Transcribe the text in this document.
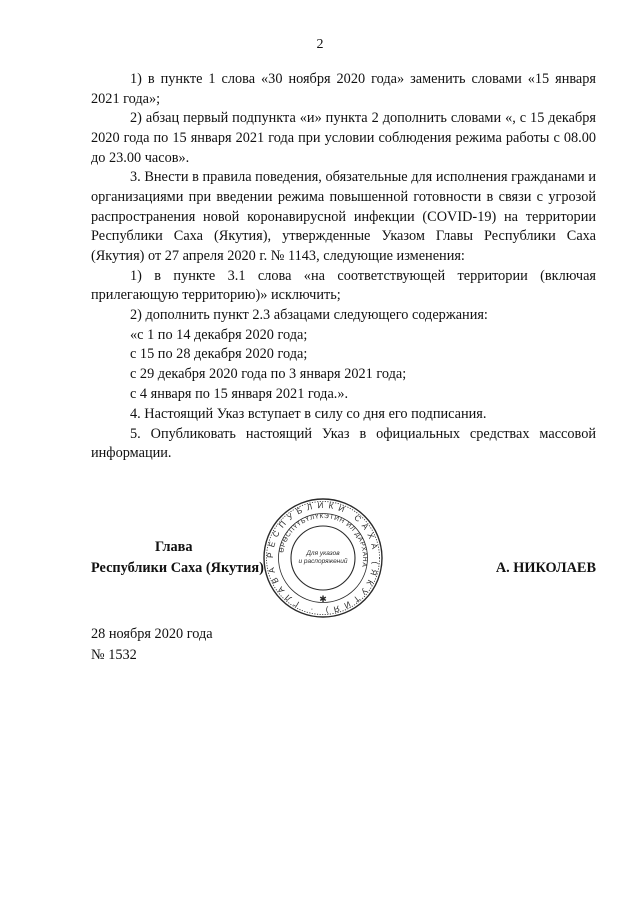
2

1) в пункте 1 слова «30 ноября 2020 года» заменить словами «15 января 2021 года»;

2) абзац первый подпункта «и» пункта 2 дополнить словами «, с 15 декабря 2020 года по 15 января 2021 года при условии соблюдения режима работы с 08.00 до 23.00 часов».

3. Внести в правила поведения, обязательные для исполнения гражданами и организациями при введении режима повышенной готовности в связи с угрозой распространения новой коронавирусной инфекции (COVID-19) на территории Республики Саха (Якутия), утвержденные Указом Главы Республики Саха (Якутия) от 27 апреля 2020 г. № 1143, следующие изменения:

1) в пункте 3.1 слова «на соответствующей территории (включая прилегающую территорию)» исключить;

2) дополнить пункт 2.3 абзацами следующего содержания:

«с 1 по 14 декабря 2020 года;

с 15 по 28 декабря 2020 года;

с 29 декабря 2020 года по 3 января 2021 года;

с 4 января по 15 января 2021 года.».

4. Настоящий Указ вступает в силу со дня его подписания.

5. Опубликовать настоящий Указ в официальных средствах массовой информации.

Глава
Республики Саха (Якутия)
РЕСПУБЛИКИ САХА (ЯКУТИЯ) · ГЛАВА
ӨРӨСПҮҮБҮЛҮКЭТИН ИЛ ДАРХАНА
Для указов и распоряжений
✱
А. НИКОЛАЕВ
28 ноября 2020 года
№ 1532
